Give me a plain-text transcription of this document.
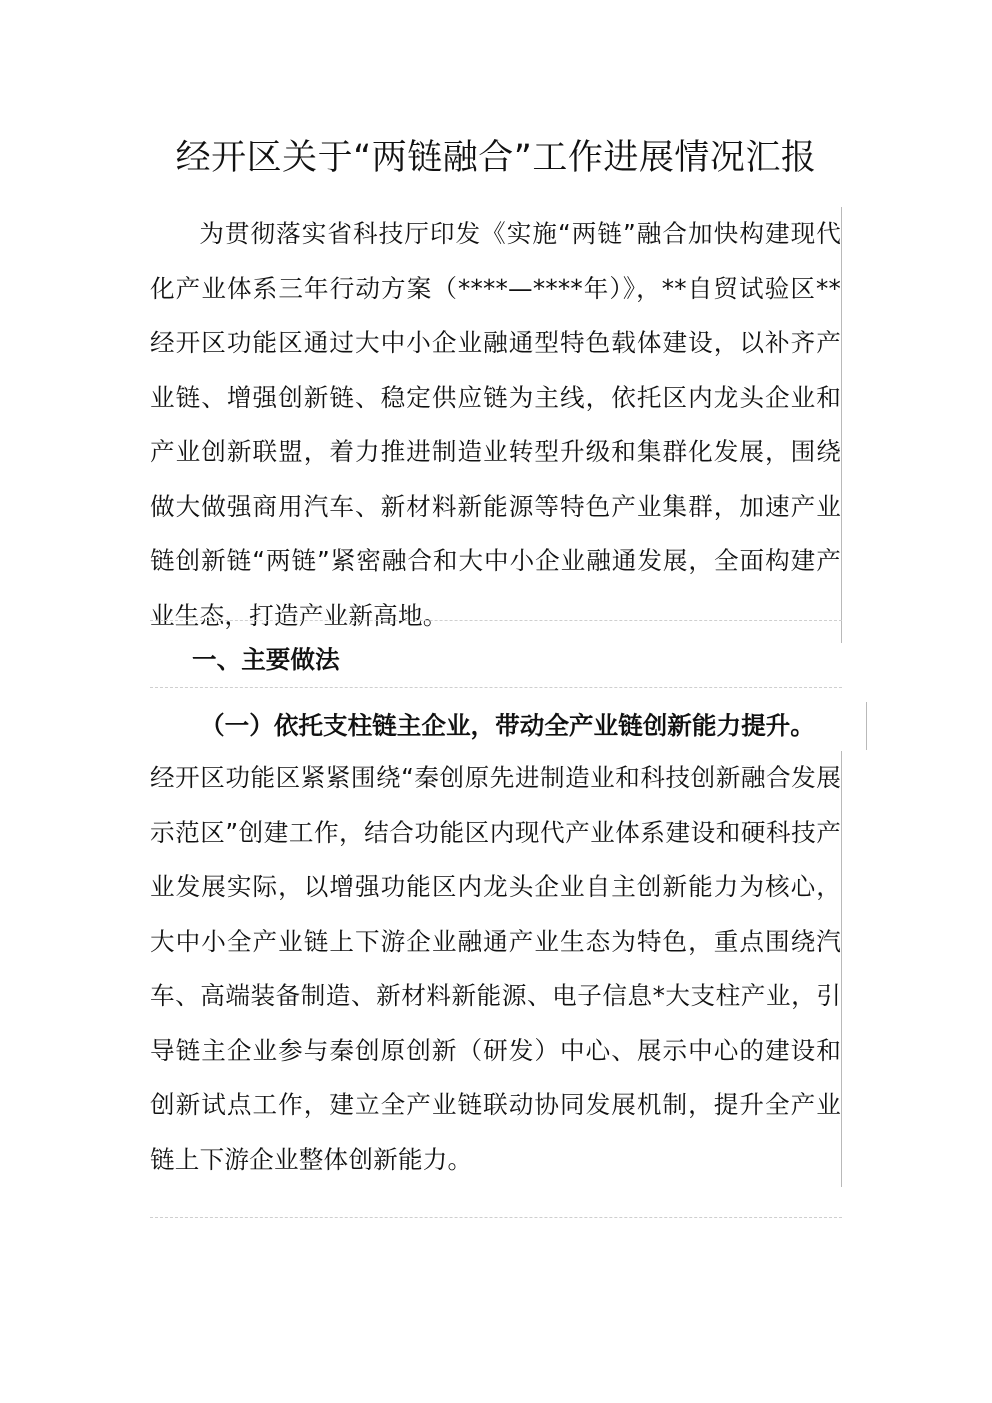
经开区关于“两链融合”工作进展情况汇报

为贯彻落实省科技厅印发《实施“两链”融合加快构建现代化产业体系三年行动方案（****—****年）》，**自贸试验区**经开区功能区通过大中小企业融通型特色载体建设，以补齐产业链、增强创新链、稳定供应链为主线，依托区内龙头企业和产业创新联盟，着力推进制造业转型升级和集群化发展，围绕做大做强商用汽车、新材料新能源等特色产业集群，加速产业链创新链“两链”紧密融合和大中小企业融通发展，全面构建产业生态，打造产业新高地。

一、主要做法
（一）依托支柱链主企业，带动全产业链创新能力提升。

经开区功能区紧紧围绕“秦创原先进制造业和科技创新融合发展示范区”创建工作，结合功能区内现代产业体系建设和硬科技产业发展实际，以增强功能区内龙头企业自主创新能力为核心，大中小全产业链上下游企业融通产业生态为特色，重点围绕汽车、高端装备制造、新材料新能源、电子信息*大支柱产业，引导链主企业参与秦创原创新（研发）中心、展示中心的建设和创新试点工作，建立全产业链联动协同发展机制，提升全产业链上下游企业整体创新能力。
